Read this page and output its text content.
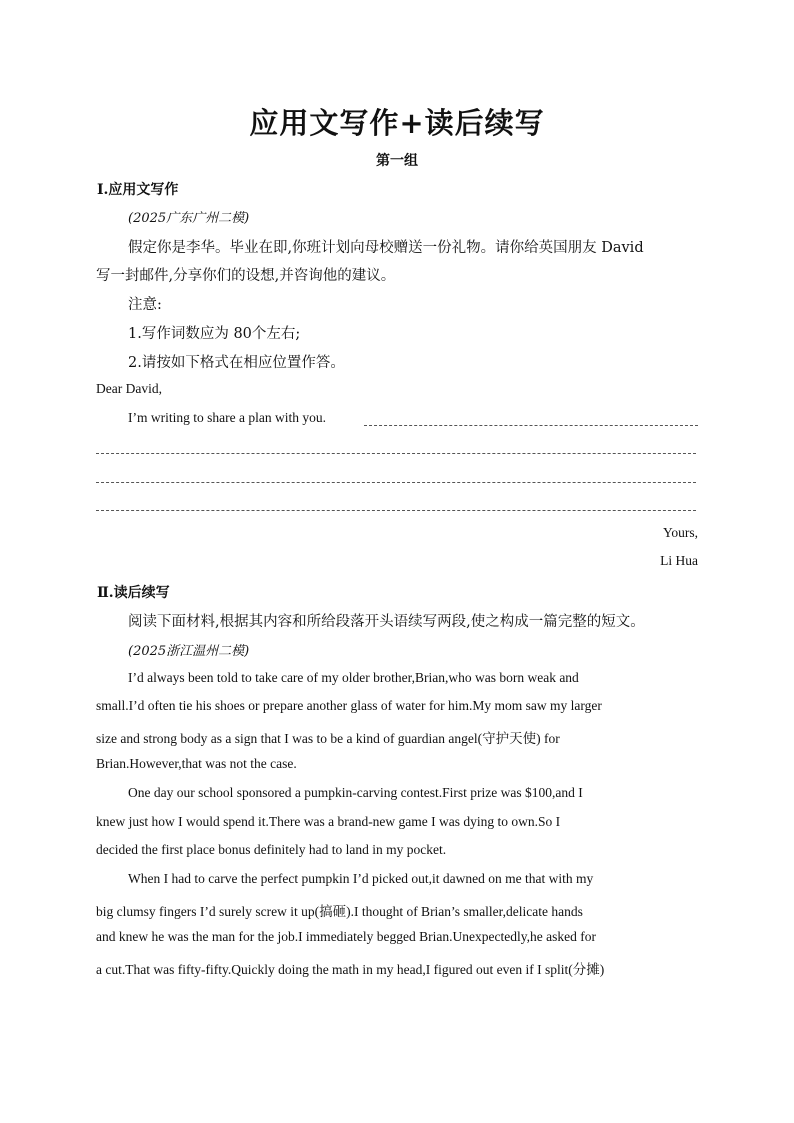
应用文写作+读后续写
第一组
Ⅰ.应用文写作
(2025广东广州二模)
假定你是李华。毕业在即,你班计划向母校赠送一份礼物。请你给英国朋友 David
写一封邮件,分享你们的设想,并咨询他的建议。
注意:
1.写作词数应为 80个左右;
2.请按如下格式在相应位置作答。
Dear David,
I’m writing to share a plan with you.
Yours,
Li Hua
Ⅱ.读后续写
阅读下面材料,根据其内容和所给段落开头语续写两段,使之构成一篇完整的短文。
(2025浙江温州二模)
I’d always been told to take care of my older brother,Brian,who was born weak and
small.I’d often tie his shoes or prepare another glass of water for him.My mom saw my larger
size and strong body as a sign that I was to be a kind of guardian angel(守护天使) for
Brian.However,that was not the case.
One day our school sponsored a pumpkin-carving contest.First prize was $100,and I
knew just how I would spend it.There was a brand-new game I was dying to own.So I
decided the first place bonus definitely had to land in my pocket.
When I had to carve the perfect pumpkin I’d picked out,it dawned on me that with my
big clumsy fingers I’d surely screw it up(搞砸).I thought of Brian’s smaller,delicate hands
and knew he was the man for the job.I immediately begged Brian.Unexpectedly,he asked for
a cut.That was fifty-fifty.Quickly doing the math in my head,I figured out even if I split(分摊)
